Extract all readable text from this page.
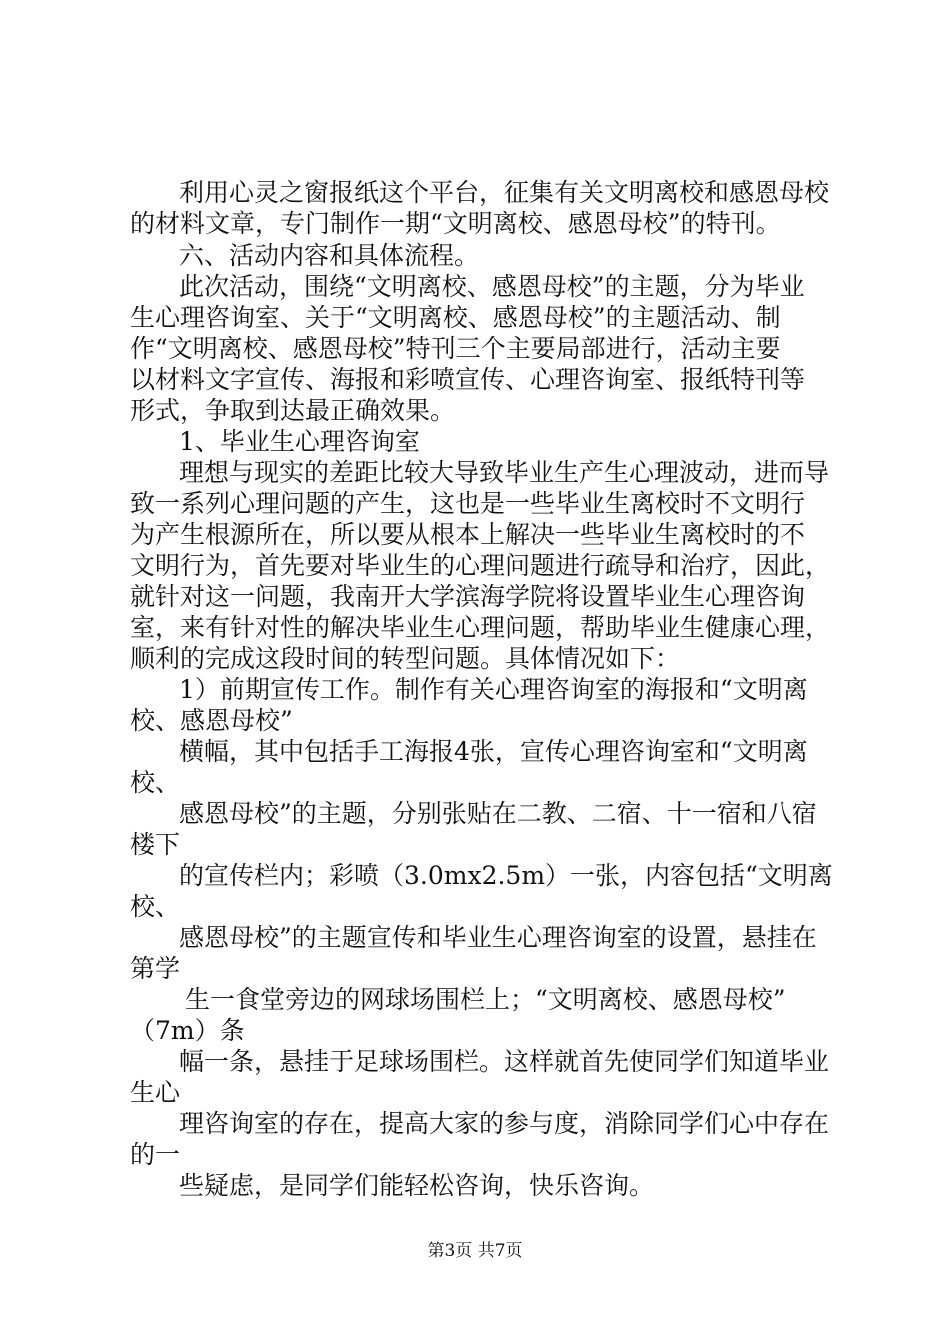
利用心灵之窗报纸这个平台，征集有关文明离校和感恩母校
的材料文章，专门制作一期“文明离校、感恩母校”的特刊。
六、活动内容和具体流程。
此次活动，围绕“文明离校、感恩母校”的主题，分为毕业
生心理咨询室、关于“文明离校、感恩母校”的主题活动、制
作“文明离校、感恩母校”特刊三个主要局部进行，活动主要
以材料文字宣传、海报和彩喷宣传、心理咨询室、报纸特刊等
形式，争取到达最正确效果。
1、毕业生心理咨询室
理想与现实的差距比较大导致毕业生产生心理波动，进而导
致一系列心理问题的产生，这也是一些毕业生离校时不文明行
为产生根源所在，所以要从根本上解决一些毕业生离校时的不
文明行为，首先要对毕业生的心理问题进行疏导和治疗，因此，
就针对这一问题，我南开大学滨海学院将设置毕业生心理咨询
室，来有针对性的解决毕业生心理问题，帮助毕业生健康心理，
顺利的完成这段时间的转型问题。具体情况如下：
1）前期宣传工作。制作有关心理咨询室的海报和“文明离
校、感恩母校”
横幅，其中包括手工海报4张，宣传心理咨询室和“文明离
校、
感恩母校”的主题，分别张贴在二教、二宿、十一宿和八宿
楼下
的宣传栏内；彩喷（3.0mx2.5m）一张，内容包括“文明离
校、
感恩母校”的主题宣传和毕业生心理咨询室的设置，悬挂在
第学
生一食堂旁边的网球场围栏上；“文明离校、感恩母校”
（7m）条
幅一条，悬挂于足球场围栏。这样就首先使同学们知道毕业
生心
理咨询室的存在，提高大家的参与度，消除同学们心中存在
的一
些疑虑，是同学们能轻松咨询，快乐咨询。
第3页 共7页
